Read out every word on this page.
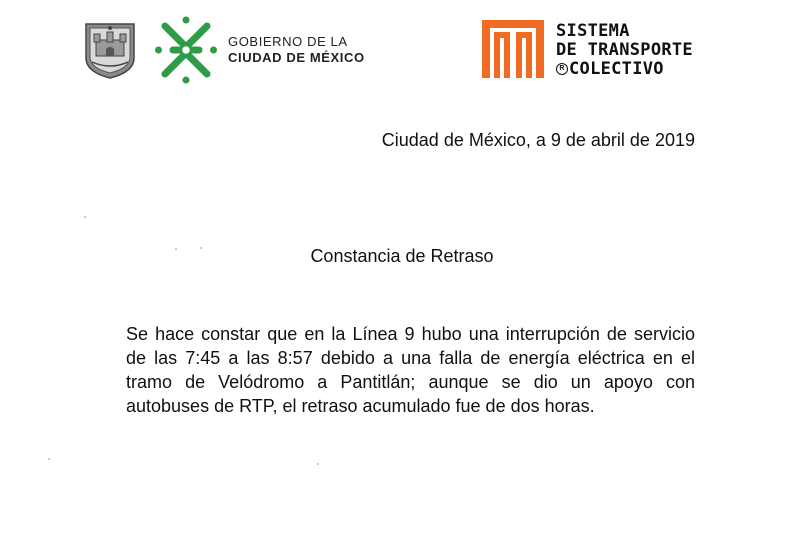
GOBIERNO DE LA
CIUDAD DE MÉXICO
SISTEMA
DE TRANSPORTE
R COLECTIVO
Ciudad de México, a 9 de abril de 2019
Constancia de Retraso
Se hace constar que en la Línea 9 hubo una interrupción de servicio de las 7:45 a las 8:57 debido a una falla de energía eléctrica en el tramo de Velódromo a Pantitlán; aunque se dio un apoyo con autobuses de RTP, el retraso acumulado fue de dos horas.
